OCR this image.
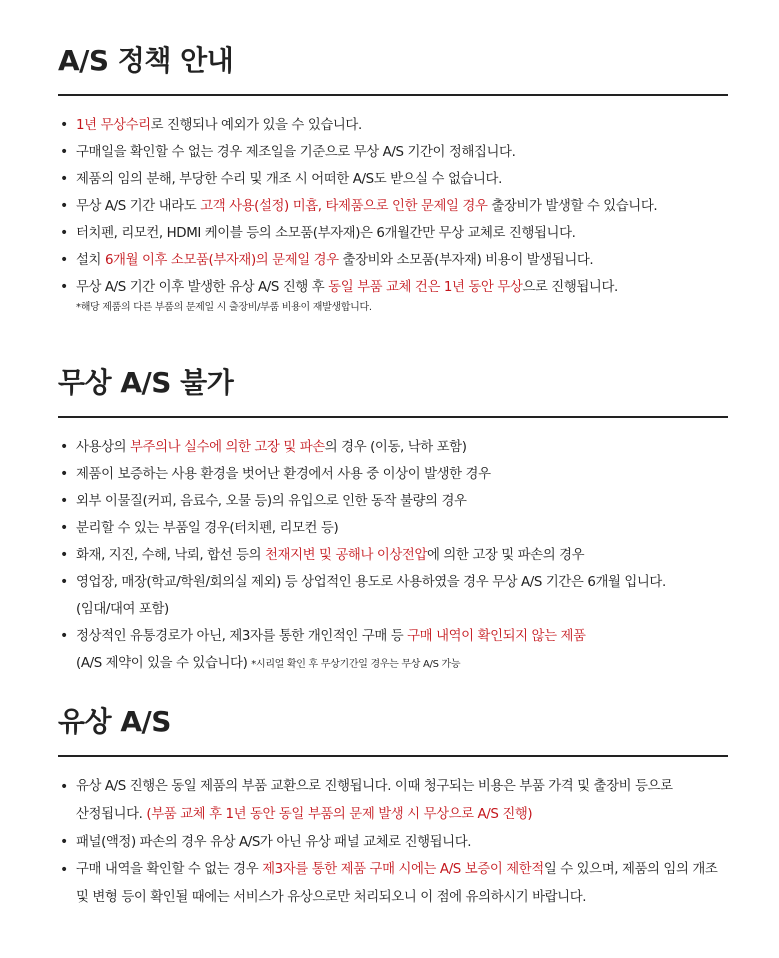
A/S 정책 안내
• 1년 무상수리로 진행되나 예외가 있을 수 있습니다.
• 구매일을 확인할 수 없는 경우 제조일을 기준으로 무상 A/S 기간이 정해집니다.
• 제품의 임의 분해, 부당한 수리 및 개조 시 어떠한 A/S도 받으실 수 없습니다.
• 무상 A/S 기간 내라도 고객 사용(설정) 미흡, 타제품으로 인한 문제일 경우 출장비가 발생할 수 있습니다.
• 터치펜, 리모컨, HDMI 케이블 등의 소모품(부자재)은 6개월간만 무상 교체로 진행됩니다.
• 설치 6개월 이후 소모품(부자재)의 문제일 경우 출장비와 소모품(부자재) 비용이 발생됩니다.
• 무상 A/S 기간 이후 발생한 유상 A/S 진행 후 동일 부품 교체 건은 1년 동안 무상으로 진행됩니다.
*해당 제품의 다른 부품의 문제일 시 출장비/부품 비용이 재발생합니다.
무상 A/S 불가
• 사용상의 부주의나 실수에 의한 고장 및 파손의 경우 (이동, 낙하 포함)
• 제품이 보증하는 사용 환경을 벗어난 환경에서 사용 중 이상이 발생한 경우
• 외부 이물질(커피, 음료수, 오물 등)의 유입으로 인한 동작 불량의 경우
• 분리할 수 있는 부품일 경우(터치펜, 리모컨 등)
• 화재, 지진, 수해, 낙뢰, 합선 등의 천재지변 및 공해나 이상전압에 의한 고장 및 파손의 경우
• 영업장, 매장(학교/학원/회의실 제외) 등 상업적인 용도로 사용하였을 경우 무상 A/S 기간은 6개월 입니다.
(임대/대여 포함)
• 정상적인 유통경로가 아닌, 제3자를 통한 개인적인 구매 등 구매 내역이 확인되지 않는 제품
(A/S 제약이 있을 수 있습니다) *시리얼 확인 후 무상기간일 경우는 무상 A/S 가능
유상 A/S
• 유상 A/S 진행은 동일 제품의 부품 교환으로 진행됩니다. 이때 청구되는 비용은 부품 가격 및 출장비 등으로
산정됩니다. (부품 교체 후 1년 동안 동일 부품의 문제 발생 시 무상으로 A/S 진행)
• 패널(액정) 파손의 경우 유상 A/S가 아닌 유상 패널 교체로 진행됩니다.
• 구매 내역을 확인할 수 없는 경우 제3자를 통한 제품 구매 시에는 A/S 보증이 제한적일 수 있으며, 제품의 임의 개조
및 변형 등이 확인될 때에는 서비스가 유상으로만 처리되오니 이 점에 유의하시기 바랍니다.
